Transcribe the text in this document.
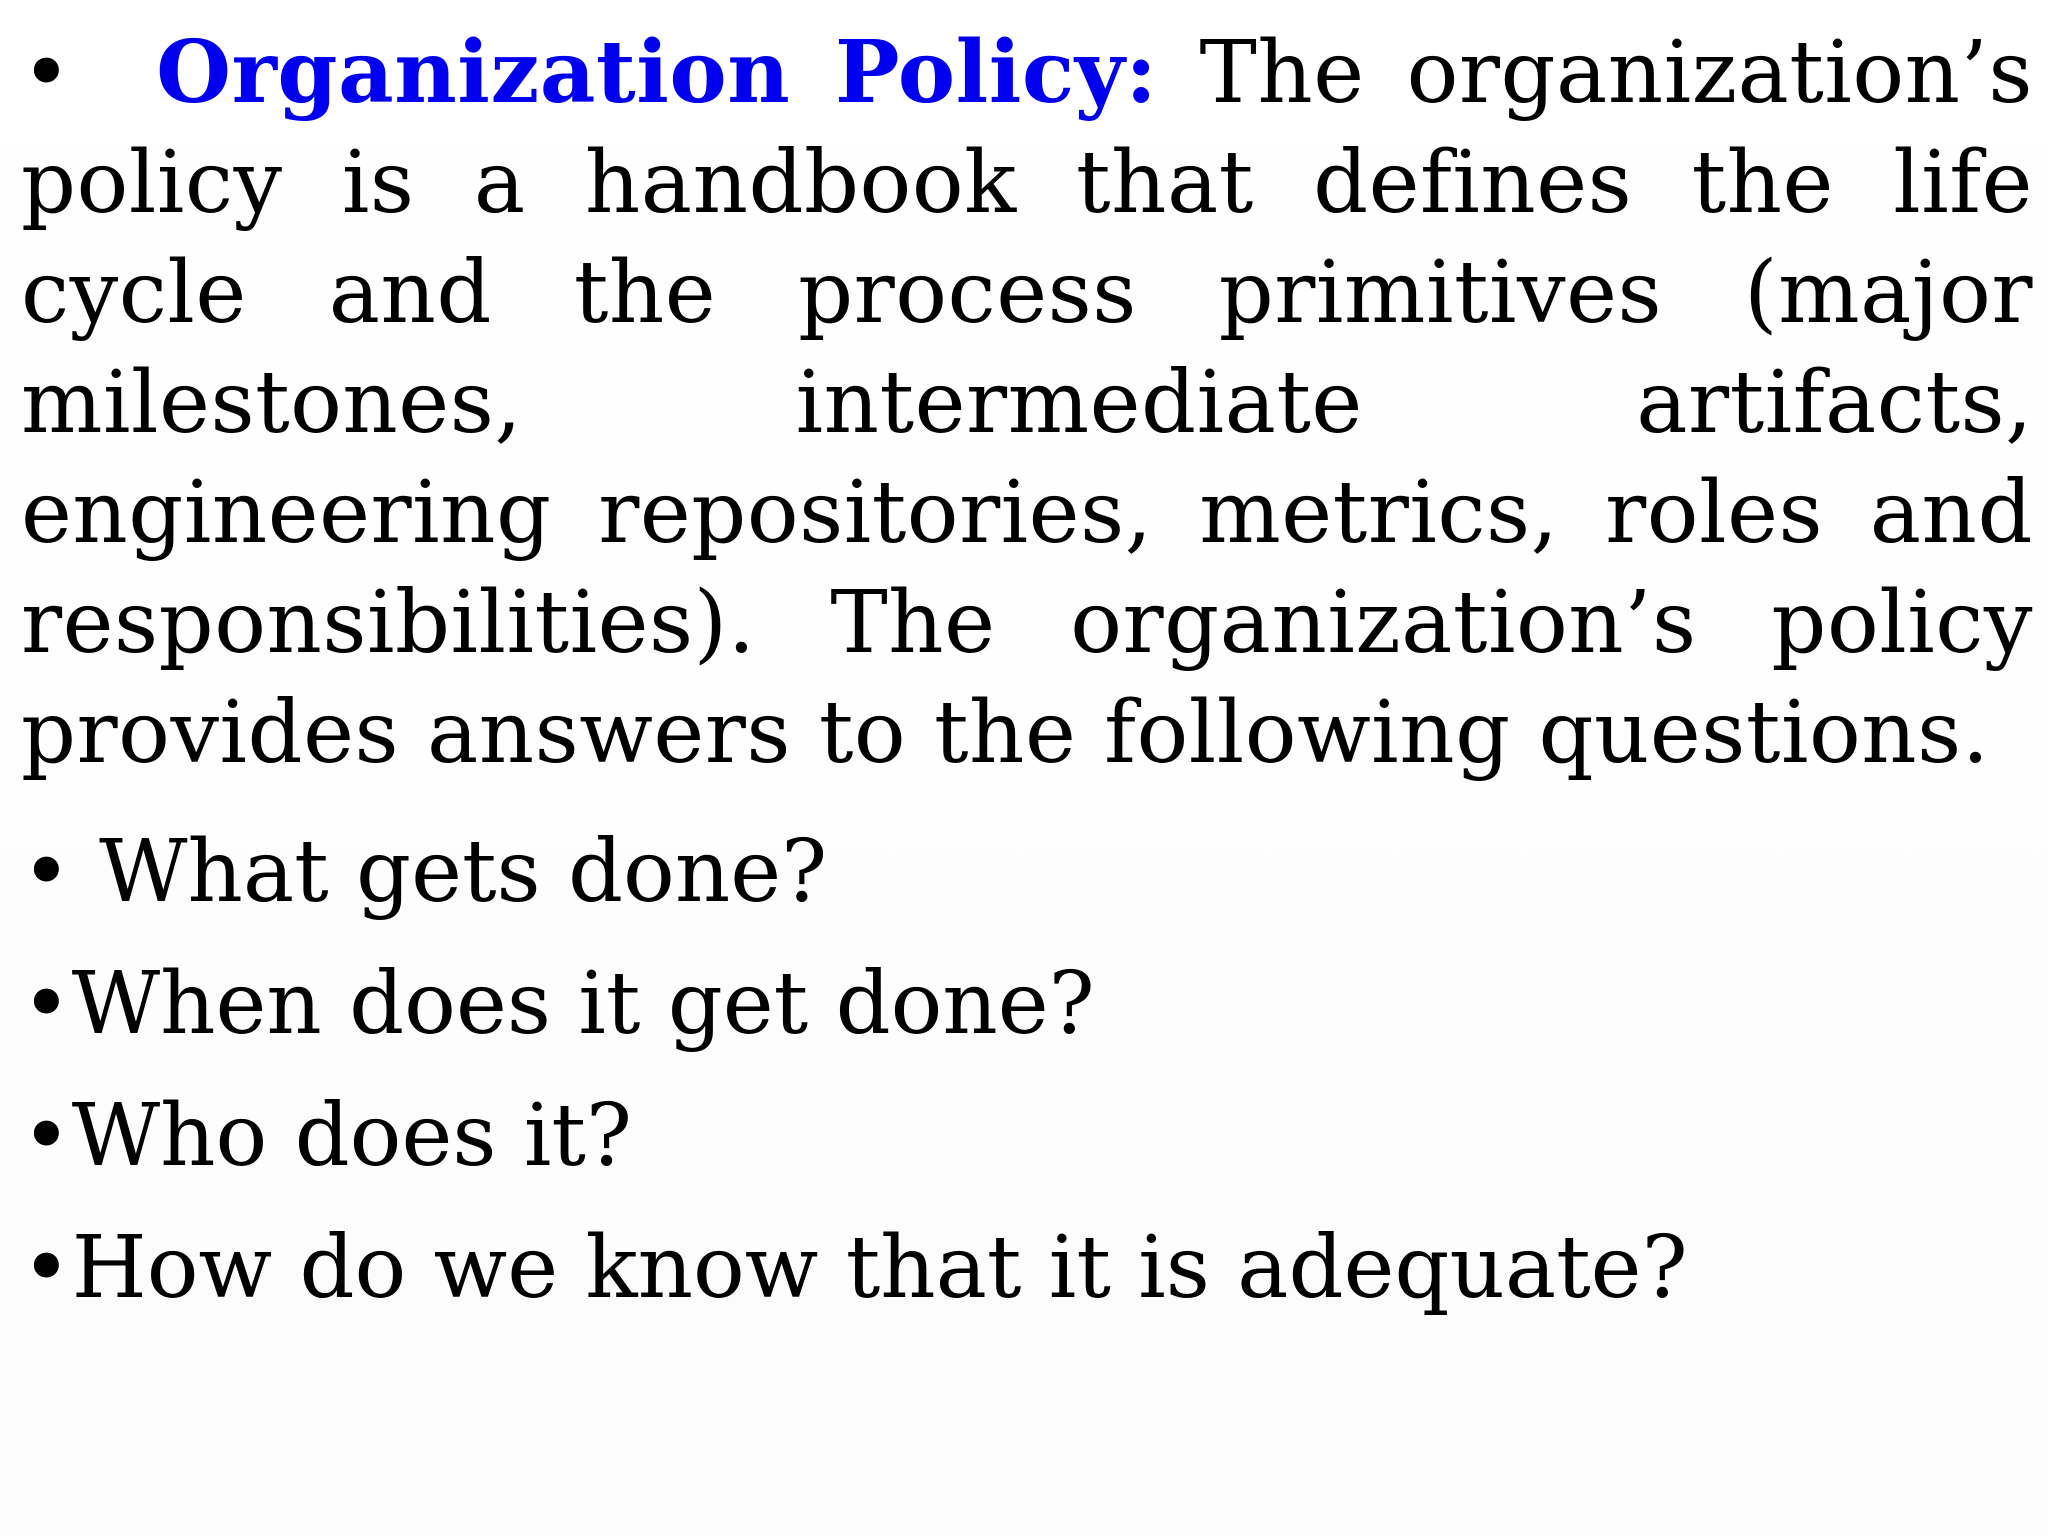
• Organization Policy: The organization’s policy is a handbook that defines the life cycle and the process primitives (major milestones, intermediate artifacts, engineering repositories, metrics, roles and responsibilities). The organization’s policy provides answers to the following questions.

• What gets done?
•When does it get done?
•Who does it?
•How do we know that it is adequate?
